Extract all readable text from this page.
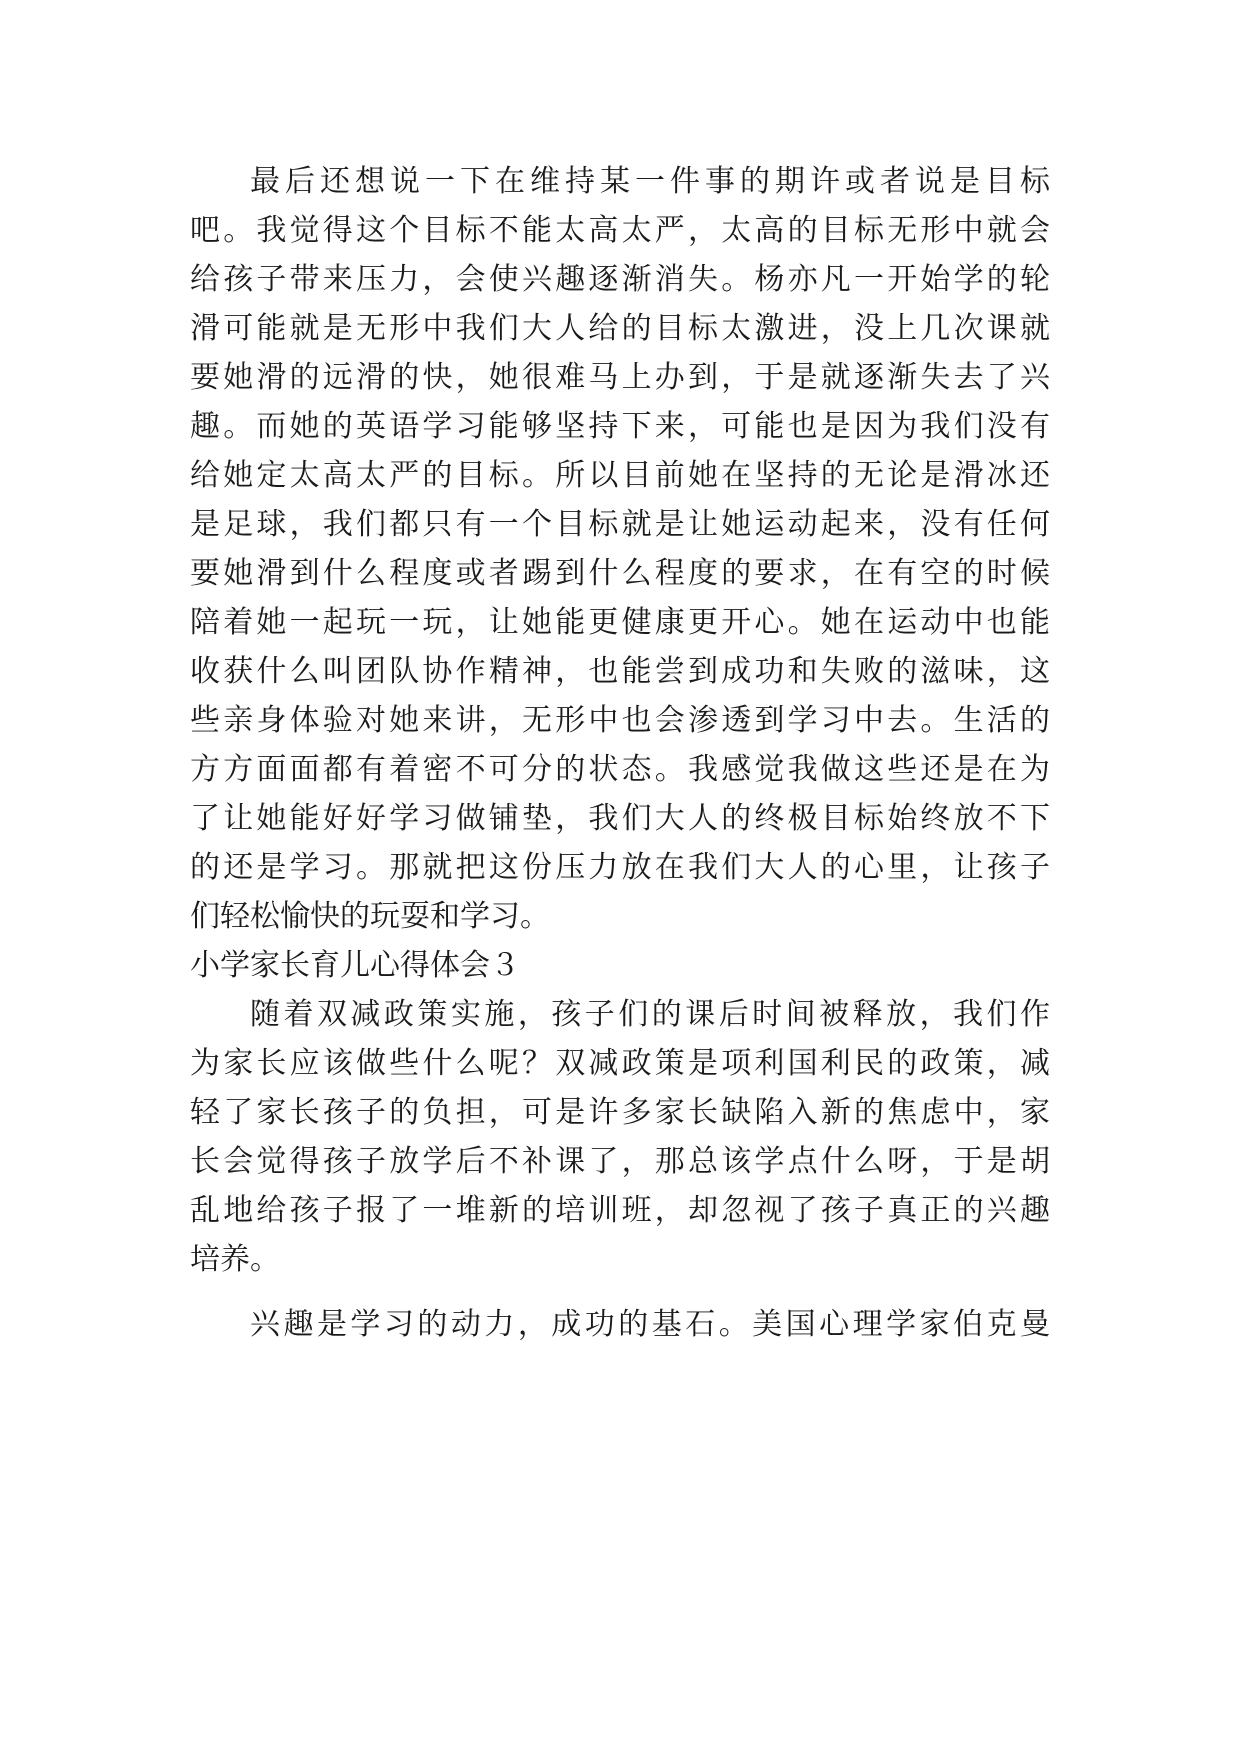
最后还想说一下在维持某一件事的期许或者说是目标
吧。我觉得这个目标不能太高太严，太高的目标无形中就会
给孩子带来压力，会使兴趣逐渐消失。杨亦凡一开始学的轮
滑可能就是无形中我们大人给的目标太激进，没上几次课就
要她滑的远滑的快，她很难马上办到，于是就逐渐失去了兴
趣。而她的英语学习能够坚持下来，可能也是因为我们没有
给她定太高太严的目标。所以目前她在坚持的无论是滑冰还
是足球，我们都只有一个目标就是让她运动起来，没有任何
要她滑到什么程度或者踢到什么程度的要求，在有空的时候
陪着她一起玩一玩，让她能更健康更开心。她在运动中也能
收获什么叫团队协作精神，也能尝到成功和失败的滋味，这
些亲身体验对她来讲，无形中也会渗透到学习中去。生活的
方方面面都有着密不可分的状态。我感觉我做这些还是在为
了让她能好好学习做铺垫，我们大人的终极目标始终放不下
的还是学习。那就把这份压力放在我们大人的心里，让孩子
们轻松愉快的玩耍和学习。
小学家长育儿心得体会３
随着双减政策实施，孩子们的课后时间被释放，我们作
为家长应该做些什么呢？双减政策是项利国利民的政策，减
轻了家长孩子的负担，可是许多家长缺陷入新的焦虑中，家
长会觉得孩子放学后不补课了，那总该学点什么呀，于是胡
乱地给孩子报了一堆新的培训班，却忽视了孩子真正的兴趣
培养。
兴趣是学习的动力，成功的基石。美国心理学家伯克曼
